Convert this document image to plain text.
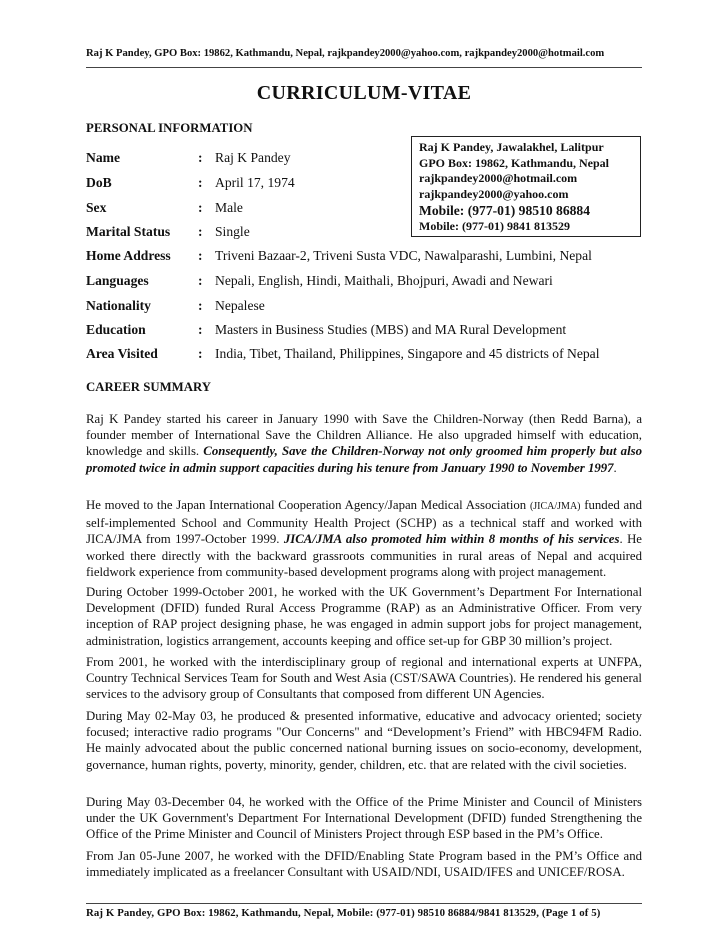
Raj K Pandey, GPO Box: 19862, Kathmandu, Nepal, rajkpandey2000@yahoo.com, rajkpandey2000@hotmail.com
CURRICULUM-VITAE
PERSONAL INFORMATION
Name	: Raj K Pandey
DoB	: April 17, 1974
Sex	: Male
Marital Status : Single
Home Address : Triveni Bazaar-2, Triveni Susta VDC, Nawalparashi, Lumbini, Nepal
Languages	: Nepali, English, Hindi, Maithali, Bhojpuri, Awadi and Newari
Nationality	: Nepalese
Education	: Masters in Business Studies (MBS) and MA Rural Development
Area Visited	: India, Tibet, Thailand, Philippines, Singapore and 45 districts of Nepal
Raj K Pandey, Jawalakhel, Lalitpur
GPO Box: 19862, Kathmandu, Nepal
rajkpandey2000@hotmail.com
rajkpandey2000@yahoo.com
Mobile: (977-01) 98510 86884
Mobile: (977-01) 9841 813529
CAREER SUMMARY
Raj K Pandey started his career in January 1990 with Save the Children-Norway (then Redd Barna), a founder member of International Save the Children Alliance. He also upgraded himself with education, knowledge and skills. Consequently, Save the Children-Norway not only groomed him properly but also promoted twice in admin support capacities during his tenure from January 1990 to November 1997.
He moved to the Japan International Cooperation Agency/Japan Medical Association (JICA/JMA) funded and self-implemented School and Community Health Project (SCHP) as a technical staff and worked with JICA/JMA from 1997-October 1999. JICA/JMA also promoted him within 8 months of his services. He worked there directly with the backward grassroots communities in rural areas of Nepal and acquired fieldwork experience from community-based development programs along with project management.
During October 1999-October 2001, he worked with the UK Government’s Department For International Development (DFID) funded Rural Access Programme (RAP) as an Administrative Officer. From very inception of RAP project designing phase, he was engaged in admin support jobs for project management, administration, logistics arrangement, accounts keeping and office set-up for GBP 30 million’s project.
From 2001, he worked with the interdisciplinary group of regional and international experts at UNFPA, Country Technical Services Team for South and West Asia (CST/SAWA Countries). He rendered his general services to the advisory group of Consultants that composed from different UN Agencies.
During May 02-May 03, he produced & presented informative, educative and advocacy oriented; society focused; interactive radio programs "Our Concerns" and “Development’s Friend” with HBC94FM Radio. He mainly advocated about the public concerned national burning issues on socio-economy, development, governance, human rights, poverty, minority, gender, children, etc. that are related with the civil societies.
During May 03-December 04, he worked with the Office of the Prime Minister and Council of Ministers under the UK Government's Department For International Development (DFID) funded Strengthening the Office of the Prime Minister and Council of Ministers Project through ESP based in the PM’s Office.
From Jan 05-June 2007, he worked with the DFID/Enabling State Program based in the PM’s Office and immediately implicated as a freelancer Consultant with USAID/NDI, USAID/IFES and UNICEF/ROSA.
Raj K Pandey, GPO Box: 19862, Kathmandu, Nepal, Mobile: (977-01) 98510 86884/9841 813529, (Page 1 of 5)
